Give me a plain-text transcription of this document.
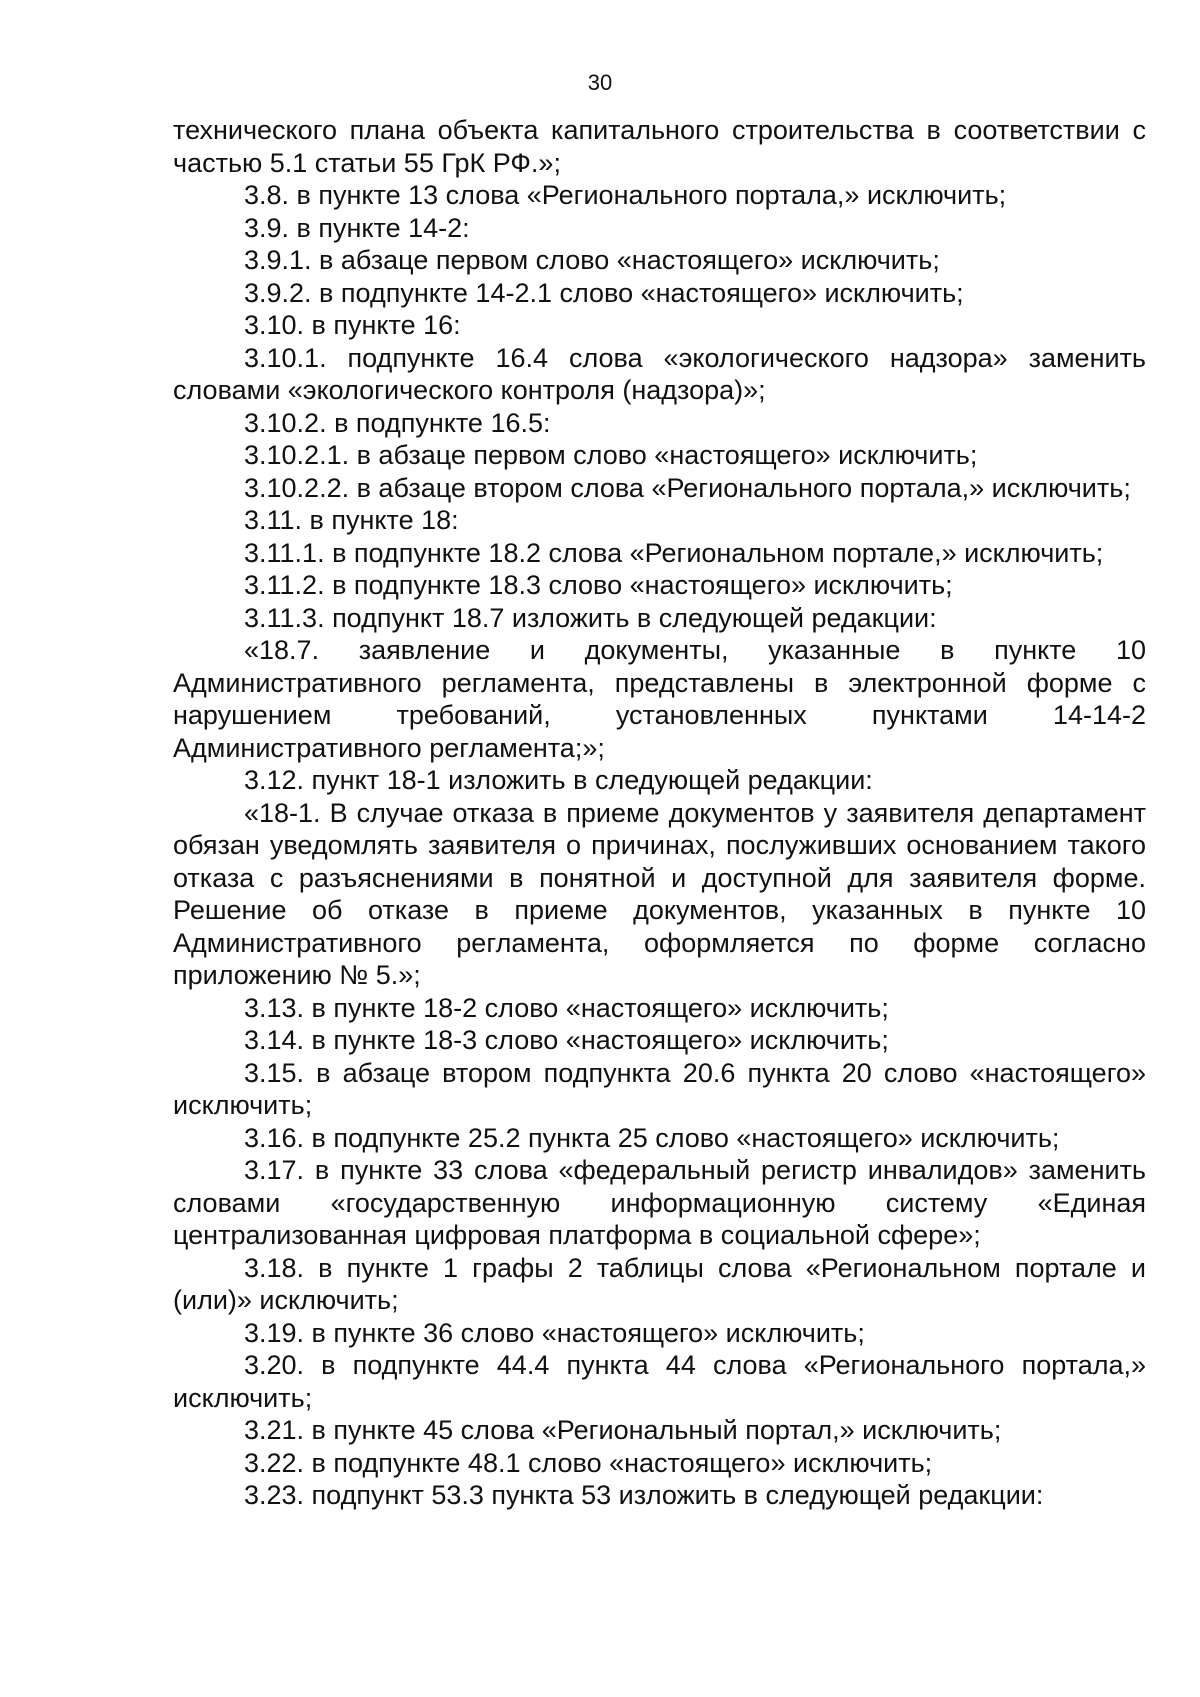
30

технического плана объекта капитального строительства в соответствии с частью 5.1 статьи 55 ГрК РФ.»;

3.8. в пункте 13 слова «Регионального портала,» исключить;

3.9. в пункте 14-2:

3.9.1. в абзаце первом слово «настоящего» исключить;

3.9.2. в подпункте 14-2.1 слово «настоящего» исключить;

3.10. в пункте 16:

3.10.1. подпункте 16.4 слова «экологического надзора» заменить словами «экологического контроля (надзора)»;

3.10.2. в подпункте 16.5:

3.10.2.1. в абзаце первом слово «настоящего» исключить;

3.10.2.2. в абзаце втором слова «Регионального портала,» исключить;

3.11. в пункте 18:

3.11.1. в подпункте 18.2 слова «Региональном портале,» исключить;

3.11.2. в подпункте 18.3 слово «настоящего» исключить;

3.11.3. подпункт 18.7 изложить в следующей редакции:

«18.7. заявление и документы, указанные в пункте 10 Административного регламента, представлены в электронной форме с нарушением требований, установленных пунктами 14-14-2 Административного регламента;»;

3.12. пункт 18-1 изложить в следующей редакции:

«18-1. В случае отказа в приеме документов у заявителя департамент обязан уведомлять заявителя о причинах, послуживших основанием такого отказа с разъяснениями в понятной и доступной для заявителя форме. Решение об отказе в приеме документов, указанных в пункте 10 Административного регламента, оформляется по форме согласно приложению № 5.»;

3.13. в пункте 18-2 слово «настоящего» исключить;

3.14. в пункте 18-3 слово «настоящего» исключить;

3.15. в абзаце втором подпункта 20.6 пункта 20 слово «настоящего» исключить;

3.16. в подпункте 25.2 пункта 25 слово «настоящего» исключить;

3.17. в пункте 33 слова «федеральный регистр инвалидов» заменить словами «государственную информационную систему «Единая централизованная цифровая платформа в социальной сфере»;

3.18. в пункте 1 графы 2 таблицы слова «Региональном портале и (или)» исключить;

3.19. в пункте 36 слово «настоящего» исключить;

3.20. в подпункте 44.4 пункта 44 слова «Регионального портала,» исключить;

3.21. в пункте 45 слова «Региональный портал,» исключить;

3.22. в подпункте 48.1 слово «настоящего» исключить;

3.23. подпункт 53.3 пункта 53 изложить в следующей редакции:
